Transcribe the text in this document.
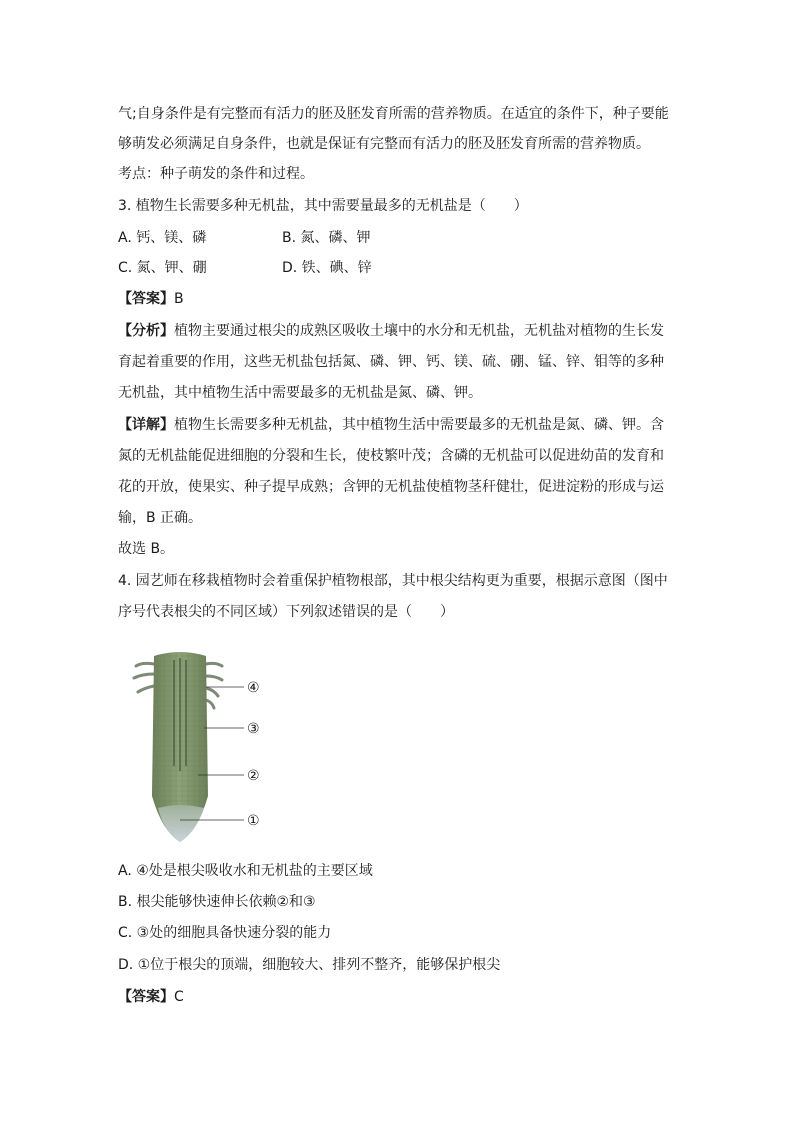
气;自身条件是有完整而有活力的胚及胚发育所需的营养物质。在适宜的条件下，种子要能
够萌发必须满足自身条件，也就是保证有完整而有活力的胚及胚发育所需的营养物质。
考点：种子萌发的条件和过程。
3. 植物生长需要多种无机盐，其中需要量最多的无机盐是（　　）
A. 钙、镁、磷	B. 氮、磷、钾
C. 氮、钾、硼	D. 铁、碘、锌
【答案】B
【分析】植物主要通过根尖的成熟区吸收土壤中的水分和无机盐，无机盐对植物的生长发
育起着重要的作用，这些无机盐包括氮、磷、钾、钙、镁、硫、硼、锰、锌、钼等的多种
无机盐，其中植物生活中需要最多的无机盐是氮、磷、钾。
【详解】植物生长需要多种无机盐，其中植物生活中需要最多的无机盐是氮、磷、钾。含
氮的无机盐能促进细胞的分裂和生长，使枝繁叶茂；含磷的无机盐可以促进幼苗的发育和
花的开放，使果实、种子提早成熟；含钾的无机盐使植物茎秆健壮，促进淀粉的形成与运
输，B 正确。
故选 B。
4. 园艺师在移栽植物时会着重保护植物根部，其中根尖结构更为重要，根据示意图（图中
序号代表根尖的不同区域）下列叙述错误的是（　　）
④
③
②
①
A. ④处是根尖吸收水和无机盐的主要区域
B. 根尖能够快速伸长依赖②和③
C. ③处的细胞具备快速分裂的能力
D. ①位于根尖的顶端，细胞较大、排列不整齐，能够保护根尖
【答案】C
